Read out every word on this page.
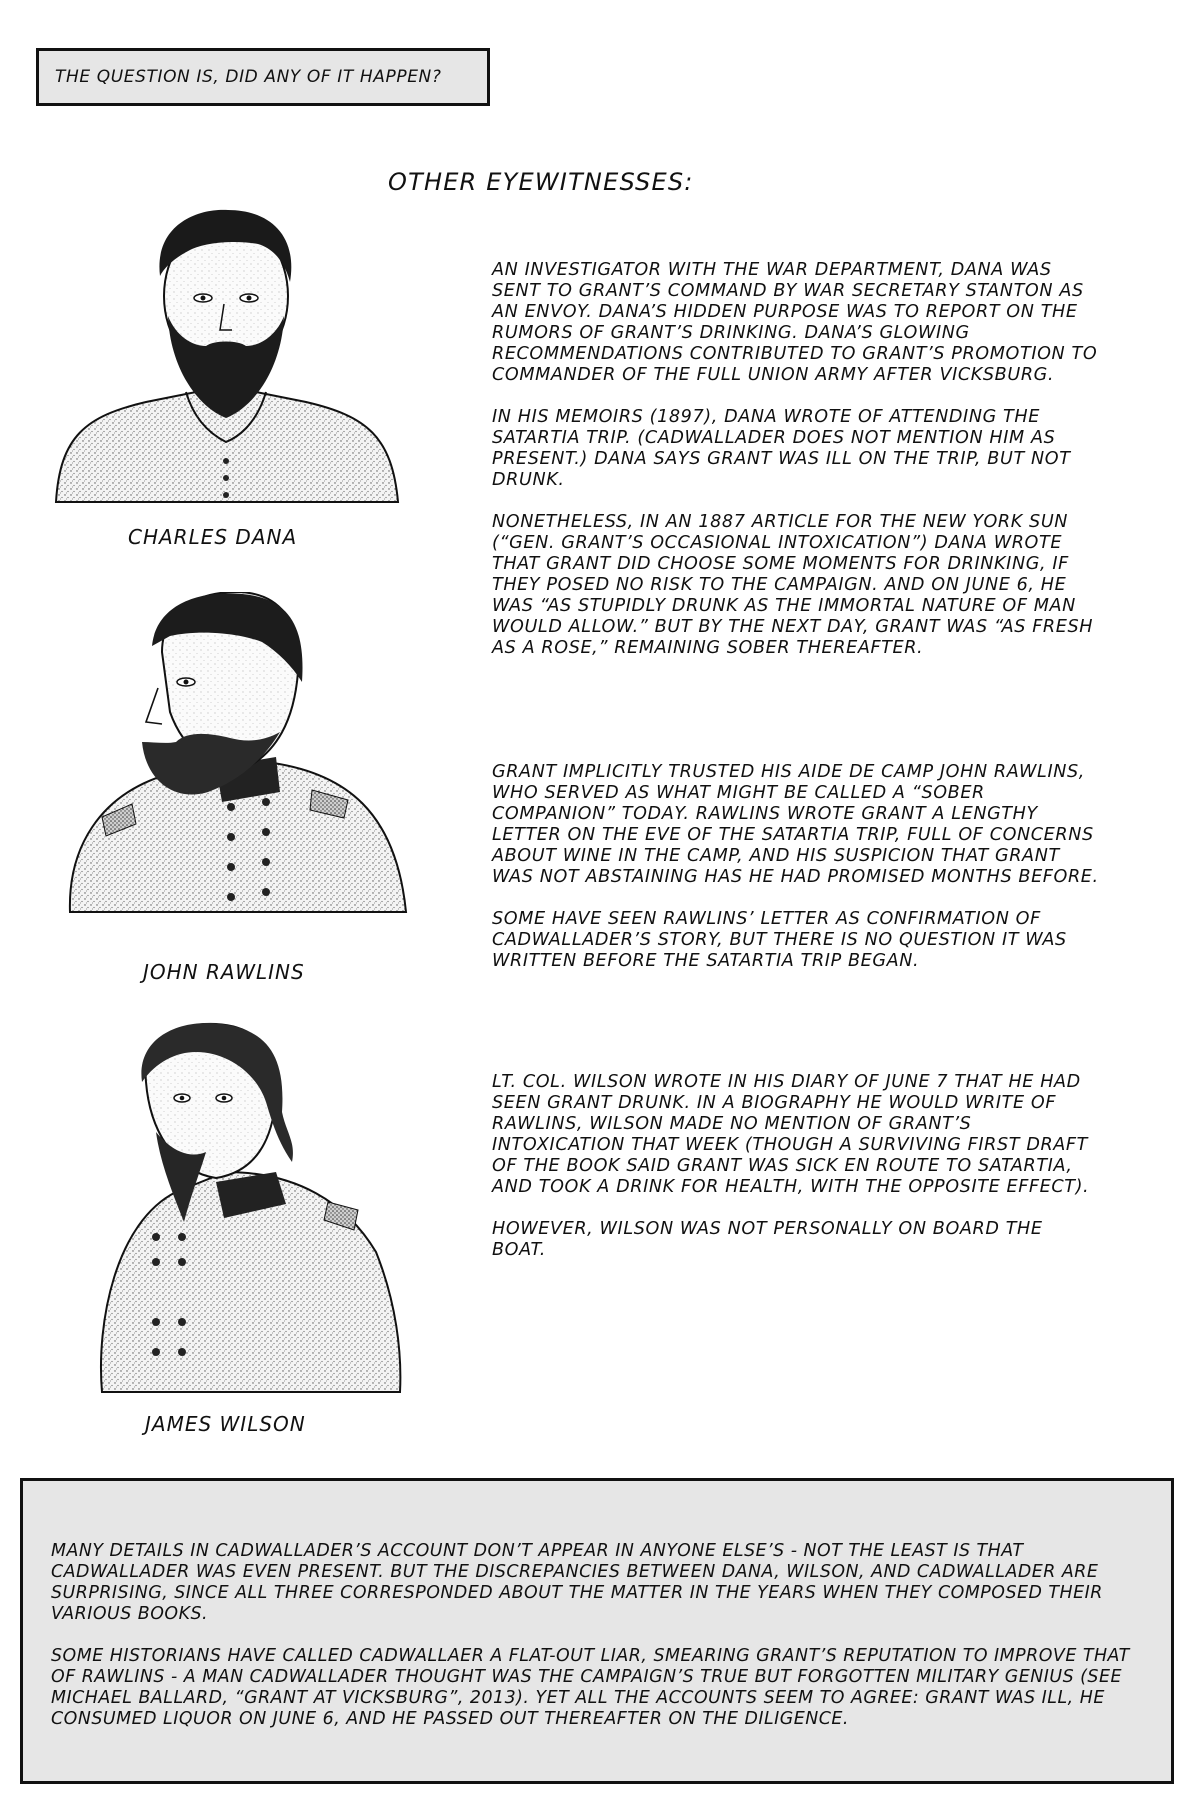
THE QUESTION IS, DID ANY OF IT HAPPEN?
OTHER EYEWITNESSES:
CHARLES DANA
JOHN RAWLINS
JAMES WILSON

AN INVESTIGATOR WITH THE WAR DEPARTMENT, DANA WAS SENT TO GRANT’S COMMAND BY WAR SECRETARY STANTON AS AN ENVOY. DANA’S HIDDEN PURPOSE WAS TO REPORT ON THE RUMORS OF GRANT’S DRINKING. DANA’S GLOWING RECOMMENDATIONS CONTRIBUTED TO GRANT’S PROMOTION TO COMMANDER OF THE FULL UNION ARMY AFTER VICKSBURG.

IN HIS MEMOIRS (1897), DANA WROTE OF ATTENDING THE SATARTIA TRIP. (CADWALLADER DOES NOT MENTION HIM AS PRESENT.) DANA SAYS GRANT WAS ILL ON THE TRIP, BUT NOT DRUNK.

NONETHELESS, IN AN 1887 ARTICLE FOR THE NEW YORK SUN (“GEN. GRANT’S OCCASIONAL INTOXICATION”) DANA WROTE THAT GRANT DID CHOOSE SOME MOMENTS FOR DRINKING, IF THEY POSED NO RISK TO THE CAMPAIGN. AND ON JUNE 6, HE WAS “AS STUPIDLY DRUNK AS THE IMMORTAL NATURE OF MAN WOULD ALLOW.” BUT BY THE NEXT DAY, GRANT WAS “AS FRESH AS A ROSE,” REMAINING SOBER THEREAFTER.

GRANT IMPLICITLY TRUSTED HIS AIDE DE CAMP JOHN RAWLINS, WHO SERVED AS WHAT MIGHT BE CALLED A “SOBER COMPANION” TODAY. RAWLINS WROTE GRANT A LENGTHY LETTER ON THE EVE OF THE SATARTIA TRIP, FULL OF CONCERNS ABOUT WINE IN THE CAMP, AND HIS SUSPICION THAT GRANT WAS NOT ABSTAINING HAS HE HAD PROMISED MONTHS BEFORE.

SOME HAVE SEEN RAWLINS’ LETTER AS CONFIRMATION OF CADWALLADER’S STORY, BUT THERE IS NO QUESTION IT WAS WRITTEN BEFORE THE SATARTIA TRIP BEGAN.

LT. COL. WILSON WROTE IN HIS DIARY OF JUNE 7 THAT HE HAD SEEN GRANT DRUNK. IN A BIOGRAPHY HE WOULD WRITE OF RAWLINS, WILSON MADE NO MENTION OF GRANT’S INTOXICATION THAT WEEK (THOUGH A SURVIVING FIRST DRAFT OF THE BOOK SAID GRANT WAS SICK EN ROUTE TO SATARTIA, AND TOOK A DRINK FOR HEALTH, WITH THE OPPOSITE EFFECT).

HOWEVER, WILSON WAS NOT PERSONALLY ON BOARD THE BOAT.

MANY DETAILS IN CADWALLADER’S ACCOUNT DON’T APPEAR IN ANYONE ELSE’S - NOT THE LEAST IS THAT CADWALLADER WAS EVEN PRESENT. BUT THE DISCREPANCIES BETWEEN DANA, WILSON, AND CADWALLADER ARE SURPRISING, SINCE ALL THREE CORRESPONDED ABOUT THE MATTER IN THE YEARS WHEN THEY COMPOSED THEIR VARIOUS BOOKS.

SOME HISTORIANS HAVE CALLED CADWALLAER A FLAT-OUT LIAR, SMEARING GRANT’S REPUTATION TO IMPROVE THAT OF RAWLINS - A MAN CADWALLADER THOUGHT WAS THE CAMPAIGN’S TRUE BUT FORGOTTEN MILITARY GENIUS (SEE MICHAEL BALLARD, “GRANT AT VICKSBURG”, 2013). YET ALL THE ACCOUNTS SEEM TO AGREE: GRANT WAS ILL, HE CONSUMED LIQUOR ON JUNE 6, AND HE PASSED OUT THEREAFTER ON THE DILIGENCE.
